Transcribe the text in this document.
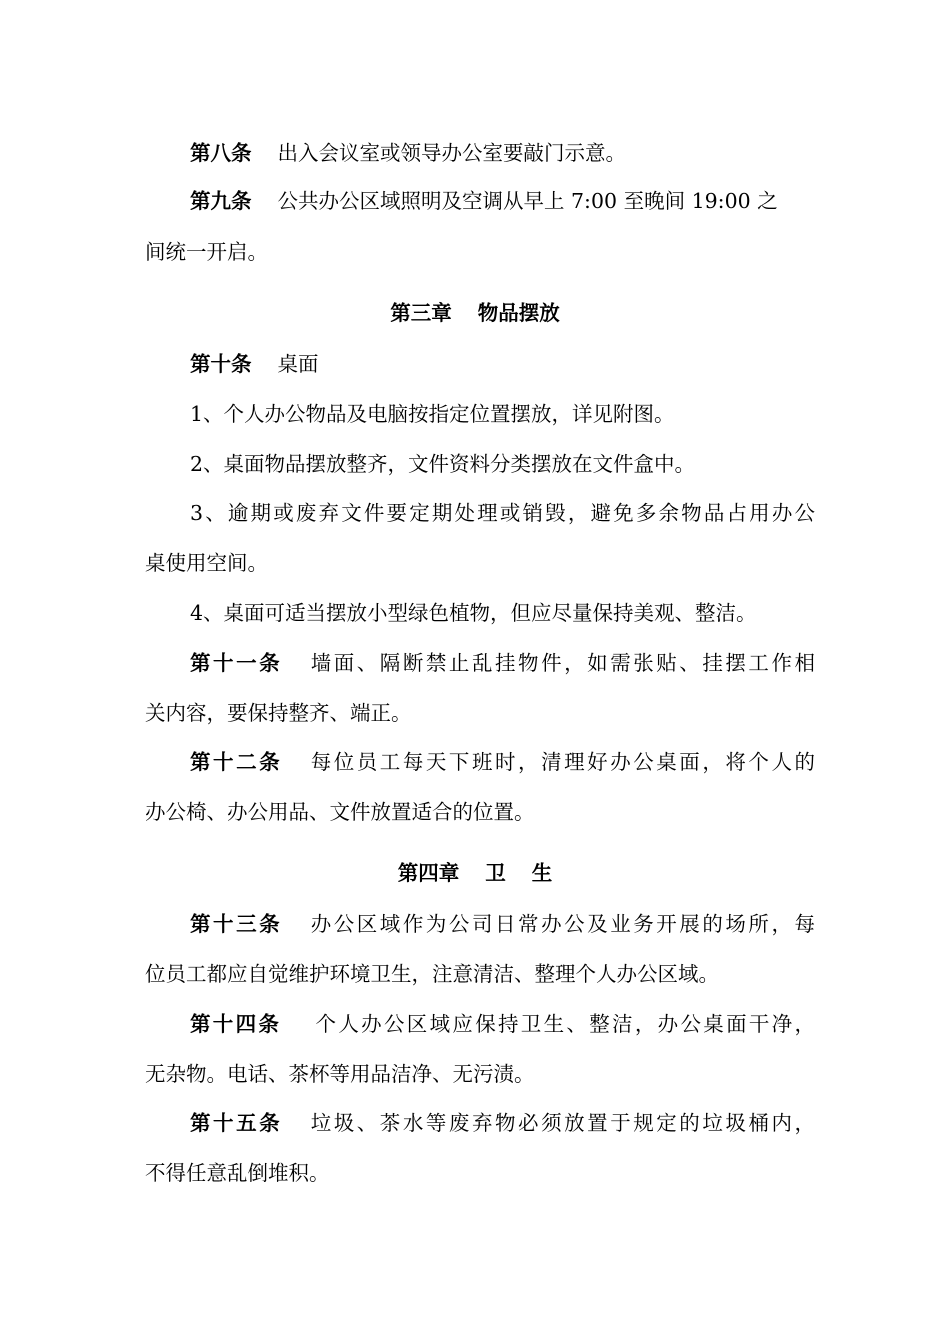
第八条 出入会议室或领导办公室要敲门示意。
第九条 公共办公区域照明及空调从早上 7:00 至晚间 19:00 之
间统一开启。
第三章 物品摆放
第十条 桌面
1、个人办公物品及电脑按指定位置摆放，详见附图。
2、桌面物品摆放整齐，文件资料分类摆放在文件盒中。
3、逾期或废弃文件要定期处理或销毁，避免多余物品占用办公
桌使用空间。
4、桌面可适当摆放小型绿色植物，但应尽量保持美观、整洁。
第十一条 墙面、隔断禁止乱挂物件，如需张贴、挂摆工作相
关内容，要保持整齐、端正。
第十二条 每位员工每天下班时，清理好办公桌面，将个人的
办公椅、办公用品、文件放置适合的位置。
第四章 卫 生
第十三条 办公区域作为公司日常办公及业务开展的场所，每
位员工都应自觉维护环境卫生，注意清洁、整理个人办公区域。
第十四条 个人办公区域应保持卫生、整洁，办公桌面干净，
无杂物。电话、茶杯等用品洁净、无污渍。
第十五条 垃圾、茶水等废弃物必须放置于规定的垃圾桶内，
不得任意乱倒堆积。
